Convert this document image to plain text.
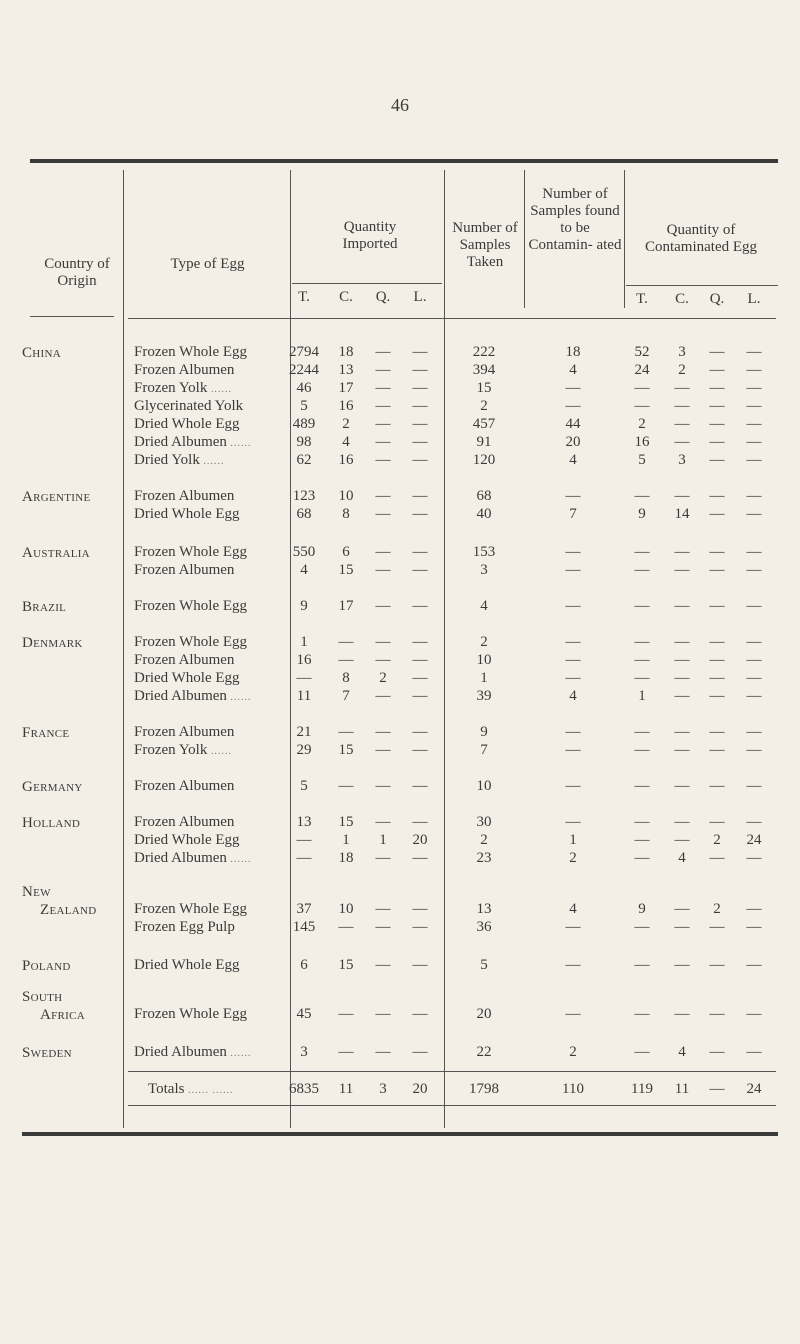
46
Country of Origin
Type of Egg
Quantity Imported
Number of Samples Taken
Number of Samples found to be Contamin- ated
Quantity of Contaminated Egg
T.	T.
C.	C.
Q.	Q.
L.	L.
China	Frozen Whole Egg	2794	18	—	—	222	18	52	3	—	—
Frozen Albumen	2244	13	—	—	394	4	24	2	—	—
Frozen Yolk ......	46	17	—	—	15	—	—	—	—	—
Glycerinated Yolk	5	16	—	—	2	—	—	—	—	—
Dried Whole Egg	489	2	—	—	457	44	2	—	—	—
Dried Albumen ......	98	4	—	—	91	20	16	—	—	—
Dried Yolk ......	62	16	—	—	120	4	5	3	—	—
Argentine	Frozen Albumen	123	10	—	—	68	—	—	—	—	—
Dried Whole Egg	68	8	—	—	40	7	9	14	—	—
Australia	Frozen Whole Egg	550	6	—	—	153	—	—	—	—	—
Frozen Albumen	4	15	—	—	3	—	—	—	—	—
Brazil	Frozen Whole Egg	9	17	—	—	4	—	—	—	—	—
Denmark	Frozen Whole Egg	1	—	—	—	2	—	—	—	—	—
Frozen Albumen	16	—	—	—	10	—	—	—	—	—
Dried Whole Egg	—	8	2	—	1	—	—	—	—	—
Dried Albumen ......	11	7	—	—	39	4	1	—	—	—
France	Frozen Albumen	21	—	—	—	9	—	—	—	—	—
Frozen Yolk ......	29	15	—	—	7	—	—	—	—	—
Germany	Frozen Albumen	5	—	—	—	10	—	—	—	—	—
Holland	Frozen Albumen	13	15	—	—	30	—	—	—	—	—
Dried Whole Egg	—	1	1	20	2	1	—	—	2	24
Dried Albumen ......	—	18	—	—	23	2	—	4	—	—
New
Zealand	Frozen Whole Egg	37	10	—	—	13	4	9	—	2	—
Frozen Egg Pulp	145	—	—	—	36	—	—	—	—	—
Poland	Dried Whole Egg	6	15	—	—	5	—	—	—	—	—
South
Africa	Frozen Whole Egg	45	—	—	—	20	—	—	—	—	—
Sweden	Dried Albumen ......	3	—	—	—	22	2	—	4	—	—
Totals ...... ......	6835	11	3	20	1798	110	119	11	—	24
